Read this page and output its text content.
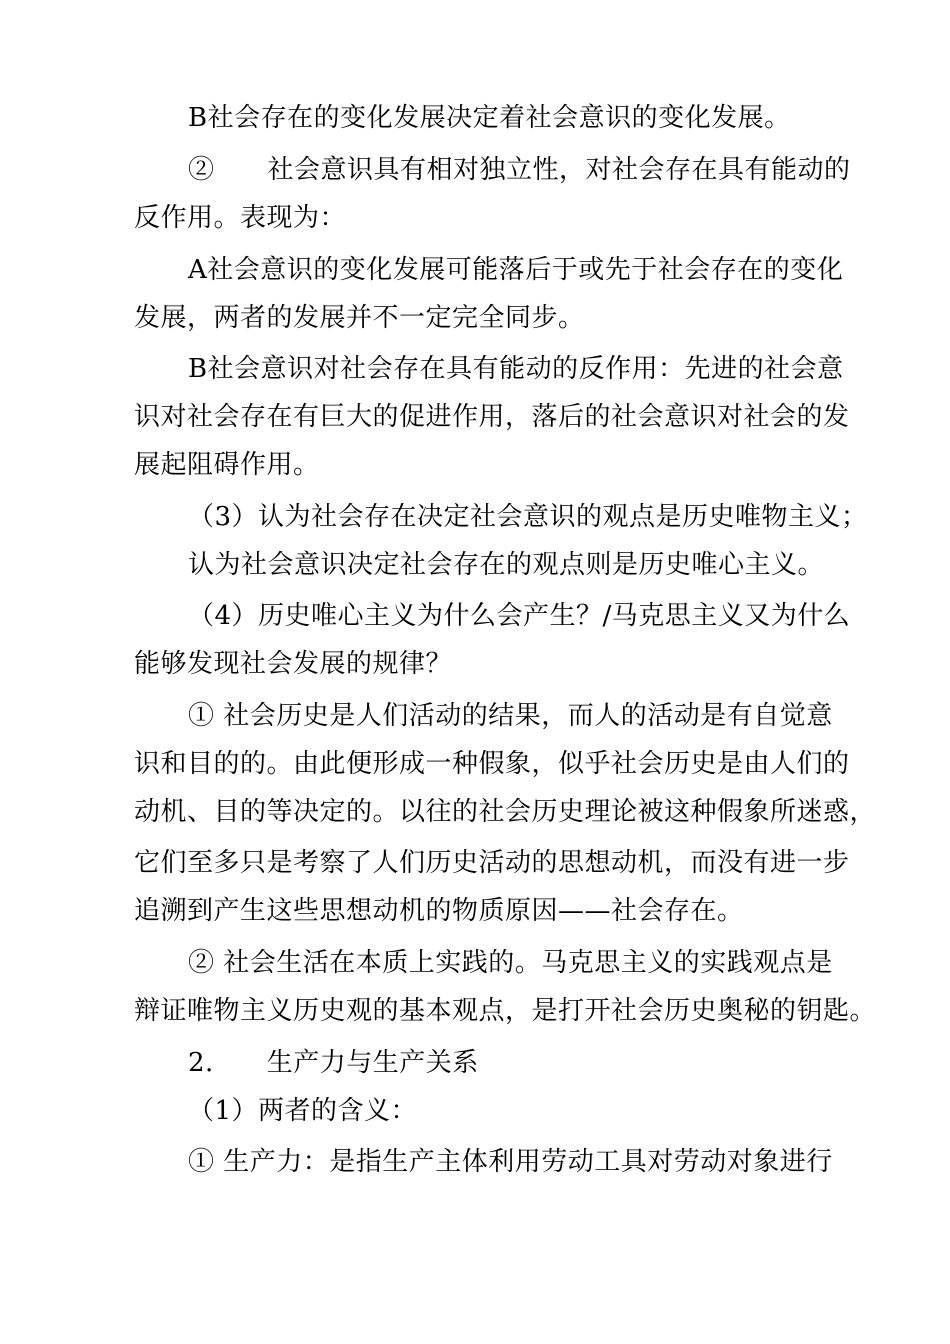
B社会存在的变化发展决定着社会意识的变化发展。
②　　社会意识具有相对独立性，对社会存在具有能动的
反作用。表现为：
A社会意识的变化发展可能落后于或先于社会存在的变化
发展，两者的发展并不一定完全同步。
B社会意识对社会存在具有能动的反作用：先进的社会意
识对社会存在有巨大的促进作用，落后的社会意识对社会的发
展起阻碍作用。
（3）认为社会存在决定社会意识的观点是历史唯物主义；
认为社会意识决定社会存在的观点则是历史唯心主义。
（4）历史唯心主义为什么会产生？/马克思主义又为什么
能够发现社会发展的规律？
① 社会历史是人们活动的结果，而人的活动是有自觉意
识和目的的。由此便形成一种假象，似乎社会历史是由人们的
动机、目的等决定的。以往的社会历史理论被这种假象所迷惑，
它们至多只是考察了人们历史活动的思想动机，而没有进一步
追溯到产生这些思想动机的物质原因——社会存在。
② 社会生活在本质上实践的。马克思主义的实践观点是
辩证唯物主义历史观的基本观点，是打开社会历史奥秘的钥匙。
2.　　生产力与生产关系
（1）两者的含义：
① 生产力：是指生产主体利用劳动工具对劳动对象进行
